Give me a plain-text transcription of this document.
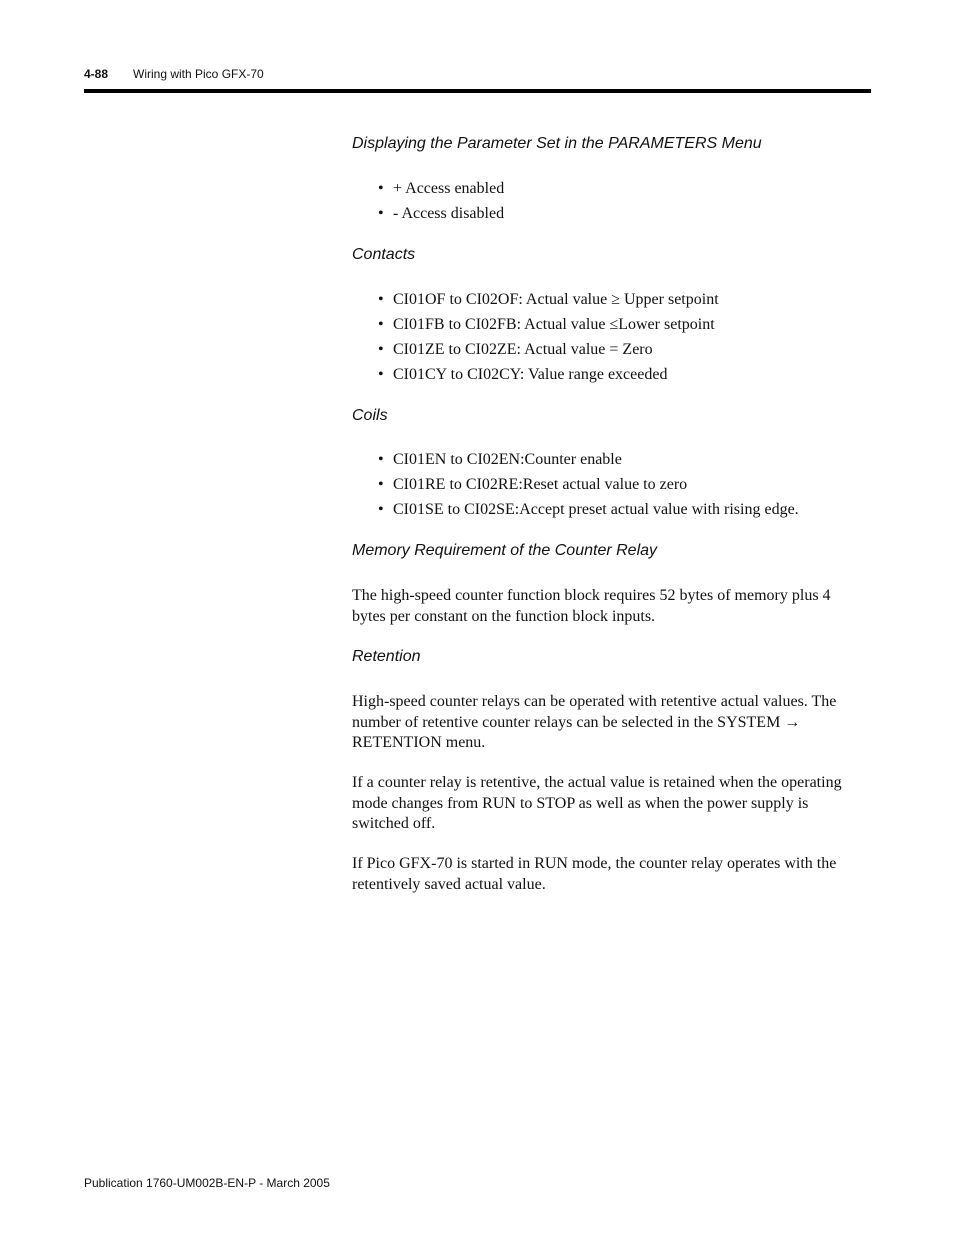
4-88 Wiring with Pico GFX-70
Displaying the Parameter Set in the PARAMETERS Menu
• + Access enabled
• - Access disabled
Contacts
• CI01OF to CI02OF: Actual value ≥ Upper setpoint
• CI01FB to CI02FB: Actual value ≤Lower setpoint
• CI01ZE to CI02ZE: Actual value = Zero
• CI01CY to CI02CY: Value range exceeded
Coils
• CI01EN to CI02EN:Counter enable
• CI01RE to CI02RE:Reset actual value to zero
• CI01SE to CI02SE:Accept preset actual value with rising edge.
Memory Requirement of the Counter Relay

The high-speed counter function block requires 52 bytes of memory plus 4 bytes per constant on the function block inputs.

Retention

High-speed counter relays can be operated with retentive actual values. The number of retentive counter relays can be selected in the SYSTEM → RETENTION menu.

If a counter relay is retentive, the actual value is retained when the operating mode changes from RUN to STOP as well as when the power supply is switched off.

If Pico GFX-70 is started in RUN mode, the counter relay operates with the retentively saved actual value.

Publication 1760-UM002B-EN-P - March 2005
